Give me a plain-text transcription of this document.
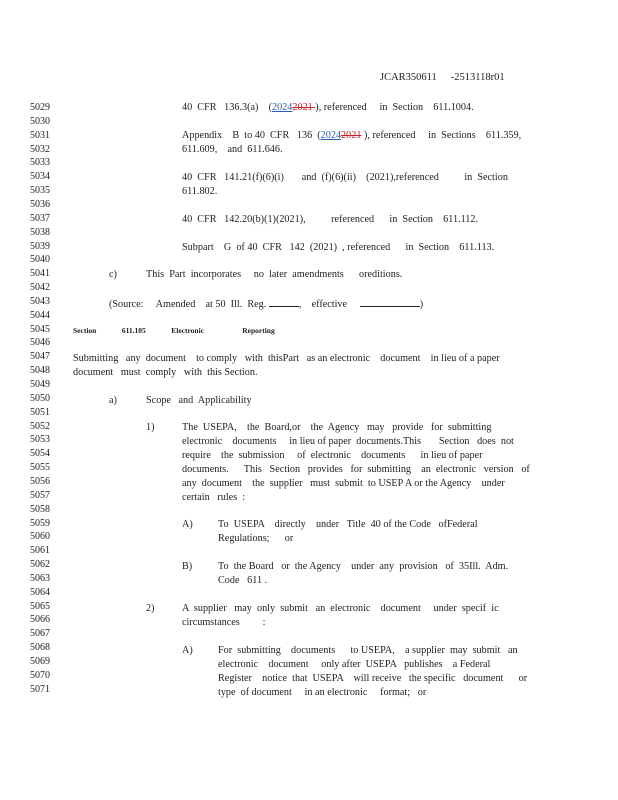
JCAR350611 -2513118r01
5029
5030
5031
5032
5033
5034
5035
5036
5037
5038
5039
5040
5041
5042
5043
5044
5045
5046
5047
5048
5049
5050
5051
5052
5053
5054
5055
5056
5057
5058
5059
5060
5061
5062
5063
5064
5065
5066
5067
5068
5069
5070
5071
40  CFR   136.3(a)    (20242021 ), referenced     in  Section    611.1004.
Appendix    B  to 40  CFR   136  (20242021 ), referenced     in  Sections    611.359,
611.609,    and  611.646.
40  CFR   141.21(f)(6)(i)       and  (f)(6)(ii)    (2021),referenced          in  Section
611.802.
40  CFR   142.20(b)(1)(2021),          referenced      in  Section    611.112.
Subpart    G  of 40  CFR   142  (2021)  , referenced      in  Section    611.113.
c)	This  Part  incorporates     no  later  amendments      oreditions.
(Source:     Amended    at 50  Ill.  Reg.	,    effective	)
Section	611.105	Electronic	Reporting
Submitting   any  document    to comply   with  thisPart   as an electronic    document    in lieu of a paper
document   must  comply   with  this Section.
a)	Scope   and  Applicability
1)	The  USEPA,    the  Board,or    the  Agency   may   provide   for  submitting
electronic    documents     in lieu of paper  documents.This       Section   does  not
require    the  submission     of  electronic    documents      in lieu of paper
documents.      This   Section   provides   for  submitting    an  electronic   version   of
any  document    the  supplier   must  submit  to USEP A or the Agency    under
certain   rules  :
A) To  USEPA    directly    under   Title  40 of the Code   ofFederal
Regulations;      or
B)	To  the Board   or  the Agency    under  any  provision   of  35Ill.  Adm.
Code   611 .
2)	A  supplier   may  only  submit   an  electronic    document     under  specif  ic
circumstances         :
A) For  submitting    documents      to USEPA,    a supplier  may  submit   an
electronic    document     only after  USEPA   publishes    a Federal
Register    notice  that  USEPA    will receive   the specific   document      or
type  of document     in an electronic     format;   or
